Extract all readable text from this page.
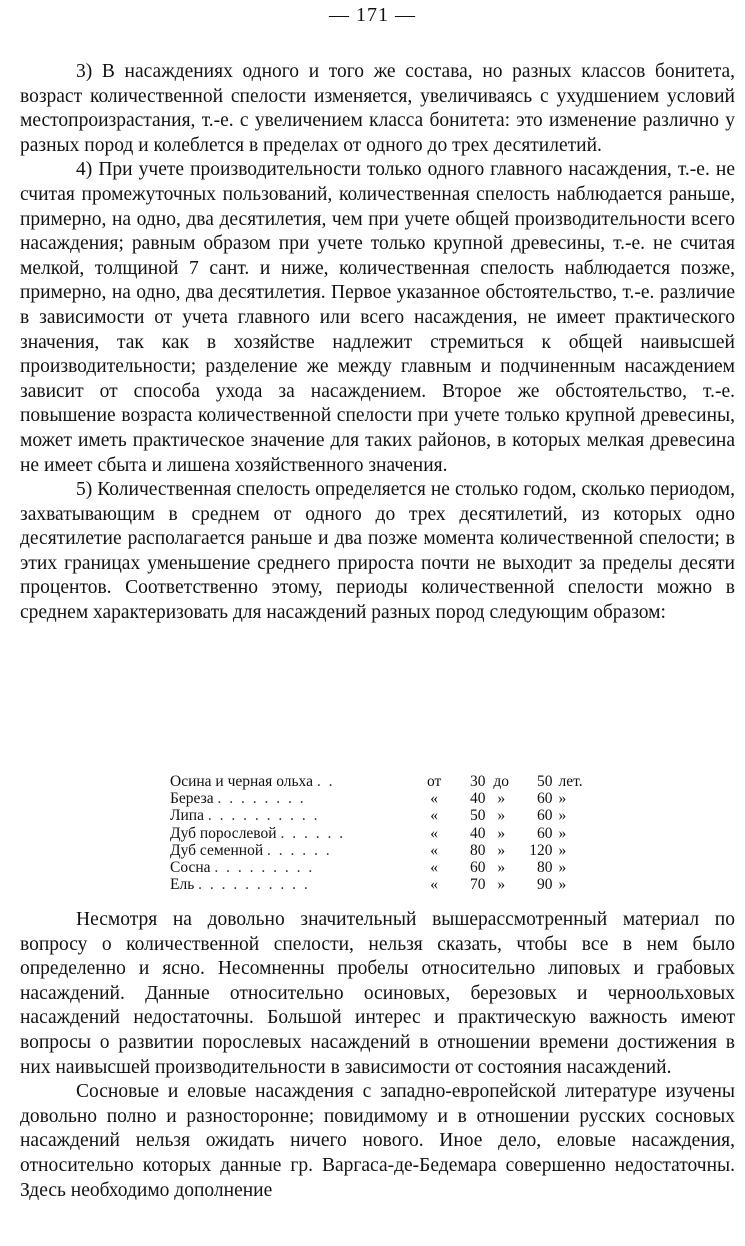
— 171 —

3) В насаждениях одного и того же состава, но разных классов бонитета, возраст количественной спелости изменяется, увеличиваясь с ухудшением условий местопроизрастания, т.-е. с увеличением класса бонитета: это изменение различно у разных пород и колеблется в пределах от одного до трех десятилетий.

4) При учете производительности только одного главного насаждения, т.-е. не считая промежуточных пользований, количественная спелость наблюдается раньше, примерно, на одно, два десятилетия, чем при учете общей производительности всего насаждения; равным образом при учете только крупной древесины, т.-е. не считая мелкой, толщиной 7 сант. и ниже, количественная спелость наблюдается позже, примерно, на одно, два десятилетия. Первое указанное обстоятельство, т.-е. различие в зависимости от учета главного или всего насаждения, не имеет практического значения, так как в хозяйстве надлежит стремиться к общей наивысшей производительности; разделение же между главным и подчиненным насаждением зависит от способа ухода за насаждением. Второе же обстоятельство, т.-е. повышение возраста количественной спелости при учете только крупной древесины, может иметь практическое значение для таких районов, в которых мелкая древесина не имеет сбыта и лишена хозяйственного значения.

5) Количественная спелость определяется не столько годом, сколько периодом, захватывающим в среднем от одного до трех десятилетий, из которых одно десятилетие располагается раньше и два позже момента количественной спелости; в этих границах уменьшение среднего прироста почти не выходит за пределы десяти процентов. Соответственно этому, периоды количественной спелости можно в среднем характеризовать для насаждений разных пород следующим образом:

Осина и черная ольха . .	от	30 до	50 лет.
Береза . . . . . . . .	«	40 »	60 »
Липа . . . . . . . . . .	«	50 »	60 »
Дуб порослевой . . . . . .	«	40 »	60 »
Дуб семенной . . . . . .	«	80 »	120 »
Сосна . . . . . . . . .	«	60 »	80 »
Ель . . . . . . . . . .	«	70 »	90 »

Несмотря на довольно значительный вышерассмотренный материал по вопросу о количественной спелости, нельзя сказать, чтобы все в нем было определенно и ясно. Несомненны пробелы относительно липовых и грабовых насаждений. Данные относительно осиновых, березовых и черноольховых насаждений недостаточны. Большой интерес и практическую важность имеют вопросы о развитии порослевых насаждений в отношении времени достижения в них наивысшей производительности в зависимости от состояния насаждений.

Сосновые и еловые насаждения с западно-европейской литературе изучены довольно полно и разносторонне; повидимому и в отношении русских сосновых насаждений нельзя ожидать ничего нового. Иное дело, еловые насаждения, относительно которых данные гр. Варгаса-де-Бедемара совершенно недостаточны. Здесь необходимо дополнение
